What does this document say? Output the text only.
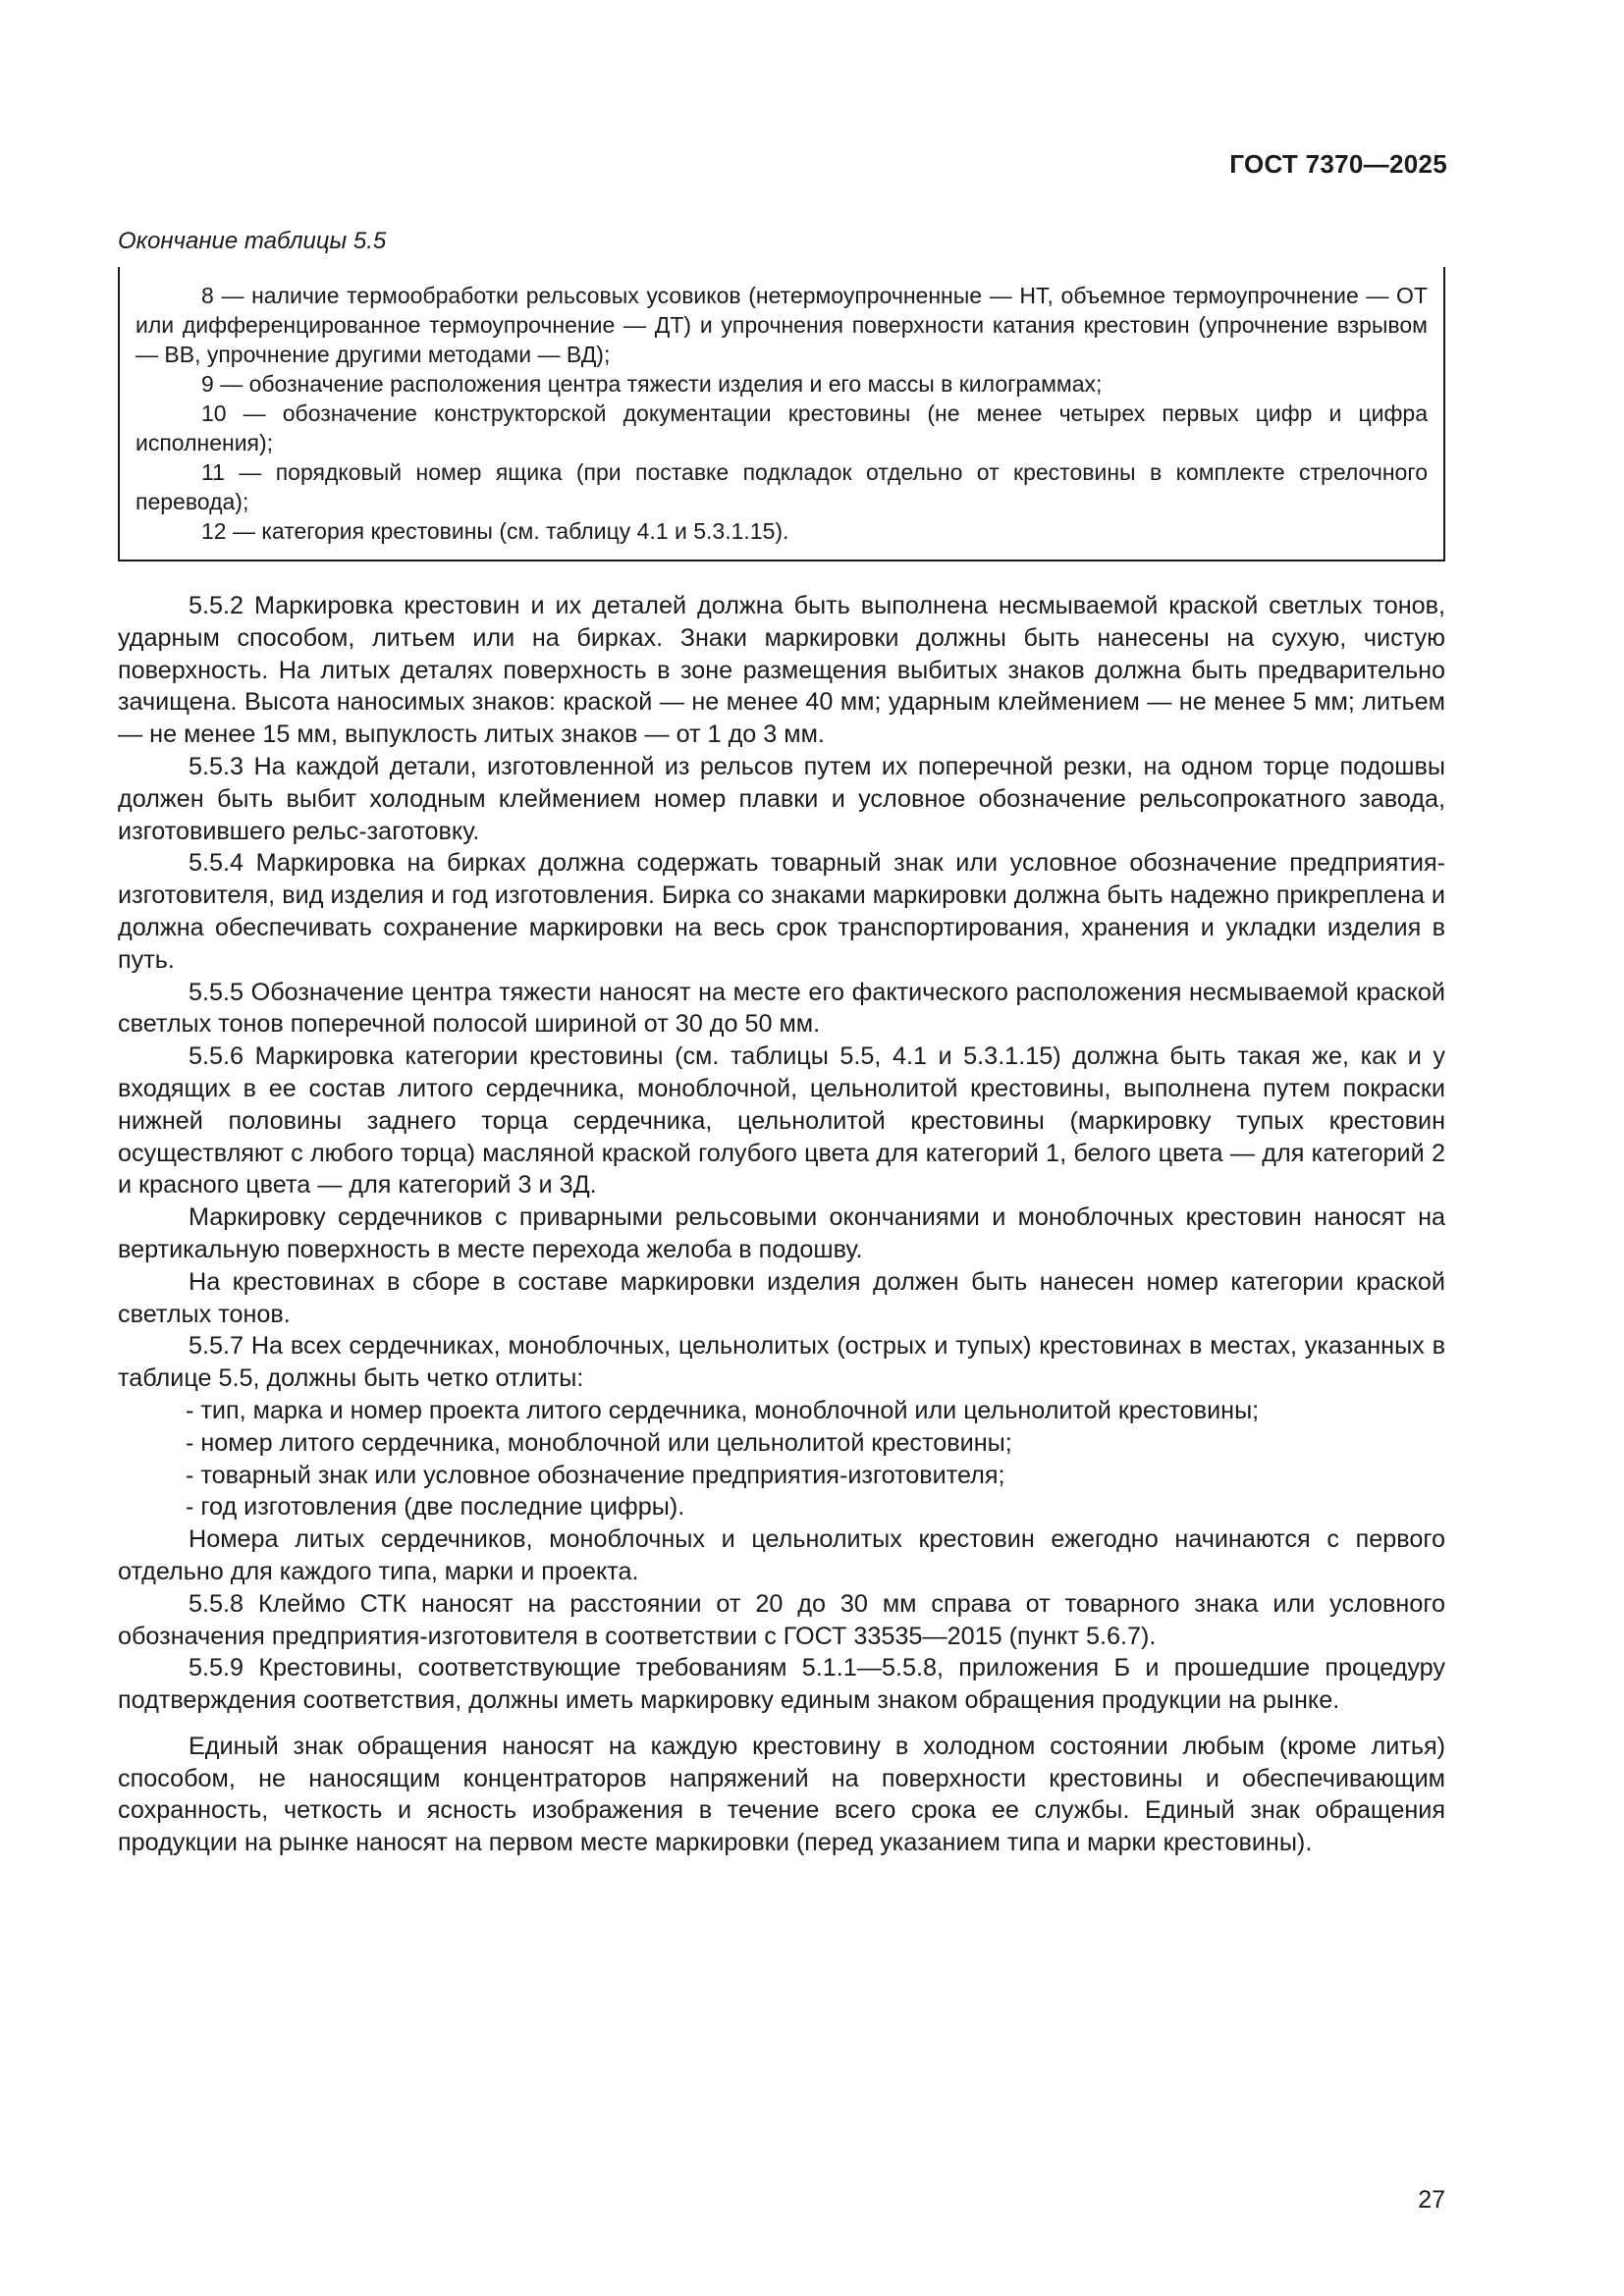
ГОСТ 7370—2025
Окончание таблицы 5.5

8 — наличие термообработки рельсовых усовиков (нетермоупрочненные — НТ, объемное термоупрочнение — ОТ или дифференцированное термоупрочнение — ДТ) и упрочнения поверхности катания крестовин (упрочнение взрывом — ВВ, упрочнение другими методами — ВД);

9 — обозначение расположения центра тяжести изделия и его массы в килограммах;

10 — обозначение конструкторской документации крестовины (не менее четырех первых цифр и цифра исполнения);

11 — порядковый номер ящика (при поставке подкладок отдельно от крестовины в комплекте стрелочного перевода);

12 — категория крестовины (см. таблицу 4.1 и 5.3.1.15).

5.5.2 Маркировка крестовин и их деталей должна быть выполнена несмываемой краской светлых тонов, ударным способом, литьем или на бирках. Знаки маркировки должны быть нанесены на сухую, чистую поверхность. На литых деталях поверхность в зоне размещения выбитых знаков должна быть предварительно зачищена. Высота наносимых знаков: краской — не менее 40 мм; ударным клеймением — не менее 5 мм; литьем — не менее 15 мм, выпуклость литых знаков — от 1 до 3 мм.

5.5.3 На каждой детали, изготовленной из рельсов путем их поперечной резки, на одном торце подошвы должен быть выбит холодным клеймением номер плавки и условное обозначение рельсопрокатного завода, изготовившего рельс-заготовку.

5.5.4 Маркировка на бирках должна содержать товарный знак или условное обозначение предприятия-изготовителя, вид изделия и год изготовления. Бирка со знаками маркировки должна быть надежно прикреплена и должна обеспечивать сохранение маркировки на весь срок транспортирования, хранения и укладки изделия в путь.

5.5.5 Обозначение центра тяжести наносят на месте его фактического расположения несмываемой краской светлых тонов поперечной полосой шириной от 30 до 50 мм.

5.5.6 Маркировка категории крестовины (см. таблицы 5.5, 4.1 и 5.3.1.15) должна быть такая же, как и у входящих в ее состав литого сердечника, моноблочной, цельнолитой крестовины, выполнена путем покраски нижней половины заднего торца сердечника, цельнолитой крестовины (маркировку тупых крестовин осуществляют с любого торца) масляной краской голубого цвета для категорий 1, белого цвета — для категорий 2 и красного цвета — для категорий 3 и 3Д.

Маркировку сердечников с приварными рельсовыми окончаниями и моноблочных крестовин наносят на вертикальную поверхность в месте перехода желоба в подошву.

На крестовинах в сборе в составе маркировки изделия должен быть нанесен номер категории краской светлых тонов.

5.5.7 На всех сердечниках, моноблочных, цельнолитых (острых и тупых) крестовинах в местах, указанных в таблице 5.5, должны быть четко отлиты:

- тип, марка и номер проекта литого сердечника, моноблочной или цельнолитой крестовины;

- номер литого сердечника, моноблочной или цельнолитой крестовины;

- товарный знак или условное обозначение предприятия-изготовителя;

- год изготовления (две последние цифры).

Номера литых сердечников, моноблочных и цельнолитых крестовин ежегодно начинаются с первого отдельно для каждого типа, марки и проекта.

5.5.8 Клеймо СТК наносят на расстоянии от 20 до 30 мм справа от товарного знака или условного обозначения предприятия-изготовителя в соответствии с ГОСТ 33535—2015 (пункт 5.6.7).

5.5.9 Крестовины, соответствующие требованиям 5.1.1—5.5.8, приложения Б и прошедшие процедуру подтверждения соответствия, должны иметь маркировку единым знаком обращения продукции на рынке.

Единый знак обращения наносят на каждую крестовину в холодном состоянии любым (кроме литья) способом, не наносящим концентраторов напряжений на поверхности крестовины и обеспечивающим сохранность, четкость и ясность изображения в течение всего срока ее службы. Единый знак обращения продукции на рынке наносят на первом месте маркировки (перед указанием типа и марки крестовины).

27
